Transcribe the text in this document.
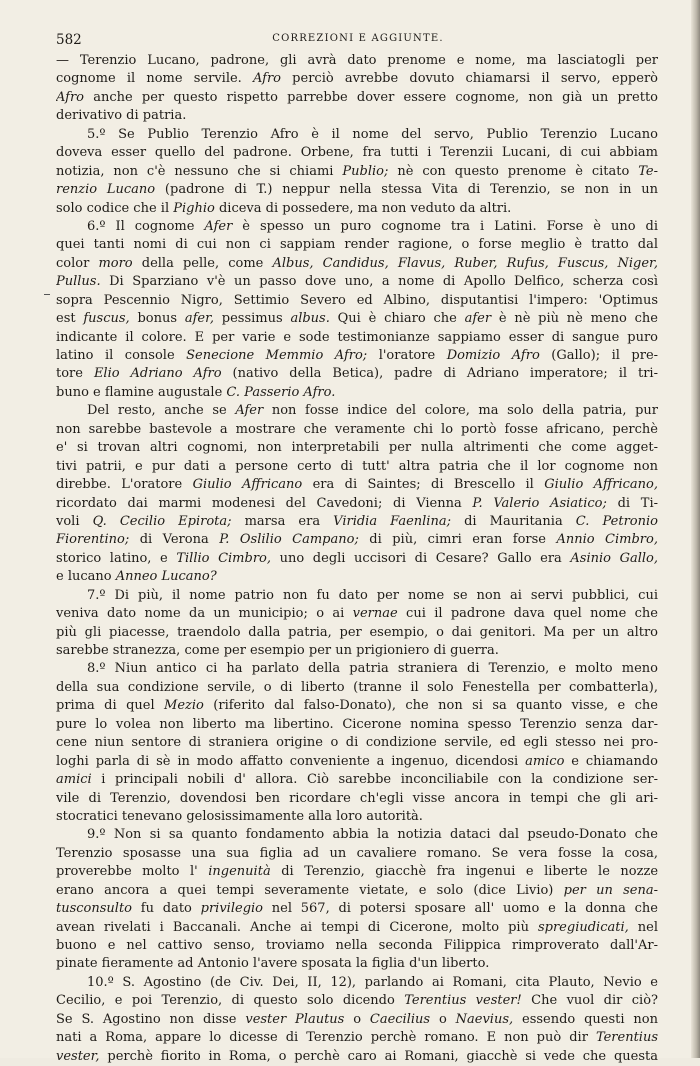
582	CORREZIONI E AGGIUNTE.
— Terenzio Lucano, padrone, gli avrà dato prenome e nome, ma lasciatogli per
cognome il nome servile. Afro perciò avrebbe dovuto chiamarsi il servo, epperò
Afro anche per questo rispetto parrebbe dover essere cognome, non già un pretto
derivativo di patria.
5.º Se Publio Terenzio Afro è il nome del servo, Publio Terenzio Lucano
doveva esser quello del padrone. Orbene, fra tutti i Terenzii Lucani, di cui abbiam
notizia, non c'è nessuno che si chiami Publio; nè con questo prenome è citato Te-
renzio Lucano (padrone di T.) neppur nella stessa Vita di Terenzio, se non in un
solo codice che il Pighio diceva di possedere, ma non veduto da altri.
6.º Il cognome Afer è spesso un puro cognome tra i Latini. Forse è uno di
quei tanti nomi di cui non ci sappiam render ragione, o forse meglio è tratto dal
color moro della pelle, come Albus, Candidus, Flavus, Ruber, Rufus, Fuscus, Niger,
Pullus. Di Sparziano v'è un passo dove uno, a nome di Apollo Delfico, scherza così
sopra Pescennio Nigro, Settimio Severo ed Albino, disputantisi l'impero: 'Optimus
est fuscus, bonus afer, pessimus albus. Qui è chiaro che afer è nè più nè meno che
indicante il colore. E per varie e sode testimonianze sappiamo esser di sangue puro
latino il console Senecione Memmio Afro; l'oratore Domizio Afro (Gallo); il pre-
tore Elio Adriano Afro (nativo della Betica), padre di Adriano imperatore; il tri-
buno e flamine augustale C. Passerio Afro.
Del resto, anche se Afer non fosse indice del colore, ma solo della patria, pur
non sarebbe bastevole a mostrare che veramente chi lo portò fosse africano, perchè
e' si trovan altri cognomi, non interpretabili per nulla altrimenti che come agget-
tivi patrii, e pur dati a persone certo di tutt' altra patria che il lor cognome non
direbbe. L'oratore Giulio Affricano era di Saintes; di Brescello il Giulio Affricano,
ricordato dai marmi modenesi del Cavedoni; di Vienna P. Valerio Asiatico; di Ti-
voli Q. Cecilio Epirota; marsa era Viridia Faenlina; di Mauritania C. Petronio
Fiorentino; di Verona P. Oslilio Campano; di più, cimri eran forse Annio Cimbro,
storico latino, e Tillio Cimbro, uno degli uccisori di Cesare? Gallo era Asinio Gallo,
e lucano Anneo Lucano?
7.º Di più, il nome patrio non fu dato per nome se non ai servi pubblici, cui
veniva dato nome da un municipio; o ai vernae cui il padrone dava quel nome che
più gli piacesse, traendolo dalla patria, per esempio, o dai genitori. Ma per un altro
sarebbe stranezza, come per esempio per un prigioniero di guerra.
8.º Niun antico ci ha parlato della patria straniera di Terenzio, e molto meno
della sua condizione servile, o di liberto (tranne il solo Fenestella per combatterla),
prima di quel Mezio (riferito dal falso-Donato), che non si sa quanto visse, e che
pure lo volea non liberto ma libertino. Cicerone nomina spesso Terenzio senza dar-
cene niun sentore di straniera origine o di condizione servile, ed egli stesso nei pro-
loghi parla di sè in modo affatto conveniente a ingenuo, dicendosi amico e chiamando
amici i principali nobili d' allora. Ciò sarebbe inconciliabile con la condizione ser-
vile di Terenzio, dovendosi ben ricordare ch'egli visse ancora in tempi che gli ari-
stocratici tenevano gelosissimamente alla loro autorità.
9.º Non si sa quanto fondamento abbia la notizia dataci dal pseudo-Donato che
Terenzio sposasse una sua figlia ad un cavaliere romano. Se vera fosse la cosa,
proverebbe molto l' ingenuità di Terenzio, giacchè fra ingenui e liberte le nozze
erano ancora a quei tempi severamente vietate, e solo (dice Livio) per un sena-
tusconsulto fu dato privilegio nel 567, di potersi sposare all' uomo e la donna che
avean rivelati i Baccanali. Anche ai tempi di Cicerone, molto più spregiudicati, nel
buono e nel cattivo senso, troviamo nella seconda Filippica rimproverato dall'Ar-
pinate fieramente ad Antonio l'avere sposata la figlia d'un liberto.
10.º S. Agostino (de Civ. Dei, II, 12), parlando ai Romani, cita Plauto, Nevio e
Cecilio, e poi Terenzio, di questo solo dicendo Terentius vester! Che vuol dir ciò?
Se S. Agostino non disse vester Plautus o Caecilius o Naevius, essendo questi non
nati a Roma, appare lo dicesse di Terenzio perchè romano. E non può dir Terentius
vester, perchè fiorito in Roma, o perchè caro ai Romani, giacchè si vede che questa
